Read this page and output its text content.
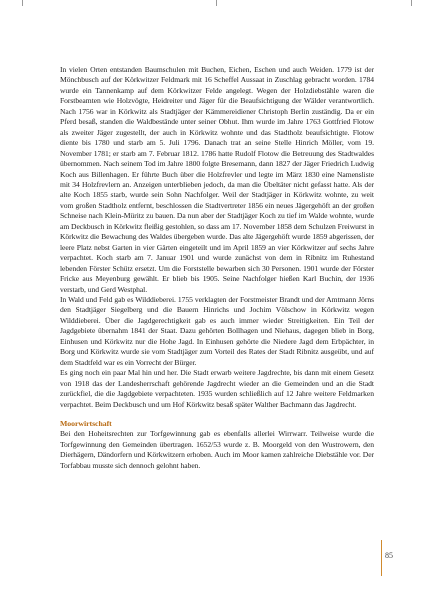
In vielen Orten entstanden Baumschulen mit Buchen, Eichen, Eschen und auch Weiden. 1779 ist der Mönchbusch auf der Körkwitzer Feldmark mit 16 Scheffel Aussaat in Zuschlag gebracht worden. 1784 wurde ein Tannenkamp auf dem Körkwitzer Felde angelegt. Wegen der Holzdiebstähle waren die Forstbeamten wie Holzvögte, Heidreiter und Jäger für die Beaufsichtigung der Wälder verantwortlich. Nach 1756 war in Körkwitz als Stadtjäger der Kämmereidiener Christoph Berlin zuständig. Da er ein Pferd besaß, standen die Waldbestände unter seiner Obhut. Ihm wurde im Jahre 1763 Gottfried Flotow als zweiter Jäger zugestellt, der auch in Körkwitz wohnte und das Stadtholz beaufsichtigte. Flotow diente bis 1780 und starb am 5. Juli 1796. Danach trat an seine Stelle Hinrich Möller, vom 19. November 1781; er starb am 7. Februar 1812. 1786 hatte Rudolf Flotow die Betreuung des Stadtwaldes übernommen. Nach seinem Tod im Jahre 1800 folgte Bresemann, dann 1827 der Jäger Friedrich Ludwig Koch aus Billenhagen. Er führte Buch über die Holzfrevler und legte im März 1830 eine Namensliste mit 34 Holzfrevlern an. Anzeigen unterblieben jedoch, da man die Übeltäter nicht gefasst hatte. Als der alte Koch 1855 starb, wurde sein Sohn Nachfolger. Weil der Stadtjäger in Körkwitz wohnte, zu weit vom großen Stadtholz entfernt, beschlossen die Stadtvertreter 1856 ein neues Jägergehöft an der großen Schneise nach Klein-Müritz zu bauen. Da nun aber der Stadtjäger Koch zu tief im Walde wohnte, wurde am Deckbusch in Körkwitz fleißig gestohlen, so dass am 17. November 1858 dem Schulzen Freiwurst in Körkwitz die Bewachung des Waldes übergeben wurde. Das alte Jägergehöft wurde 1859 abgerissen, der leere Platz nebst Garten in vier Gärten eingeteilt und im April 1859 an vier Körkwitzer auf sechs Jahre verpachtet. Koch starb am 7. Januar 1901 und wurde zunächst von dem in Ribnitz im Ruhestand lebenden Förster Schütz ersetzt. Um die Forststelle bewarben sich 30 Personen. 1901 wurde der Förster Fricke aus Meyenburg gewählt. Er blieb bis 1905. Seine Nachfolger hießen Karl Buchin, der 1936 verstarb, und Gerd Westphal.

In Wald und Feld gab es Wilddieberei. 1755 verklagten der Forstmeister Brandt und der Amtmann Jörns den Stadtjäger Siegelberg und die Bauern Hinrichs und Jochim Völschow in Körkwitz wegen Wilddieberei. Über die Jagdgerechtigkeit gab es auch immer wieder Streitigkeiten. Ein Teil der Jagdgebiete übernahm 1841 der Staat. Dazu gehörten Bollhagen und Niehaus, dagegen blieb in Borg, Einhusen und Körkwitz nur die Hohe Jagd. In Einhusen gehörte die Niedere Jagd dem Erbpächter, in Borg und Körkwitz wurde sie vom Stadtjäger zum Vorteil des Rates der Stadt Ribnitz ausgeübt, und auf dem Stadtfeld war es ein Vorrecht der Bürger.

Es ging noch ein paar Mal hin und her. Die Stadt erwarb weitere Jagdrechte, bis dann mit einem Gesetz von 1918 das der Landesherrschaft gehörende Jagdrecht wieder an die Gemeinden und an die Stadt zurückfiel, die die Jagdgebiete verpachteten. 1935 wurden schließlich auf 12 Jahre weitere Feldmarken verpachtet. Beim Deckbusch und um Hof Körkwitz besaß später Walther Bachmann das Jagdrecht.

Moorwirtschaft

Bei den Hoheitsrechten zur Torfgewinnung gab es ebenfalls allerlei Wirrwarr. Teilweise wurde die Torfgewinnung den Gemeinden übertragen. 1652/53 wurde z. B. Moorgeld von den Wustrowern, den Dierhägern, Dändorfern und Körkwitzern erhoben. Auch im Moor kamen zahlreiche Diebstähle vor. Der Torfabbau musste sich dennoch gelohnt haben.

85
